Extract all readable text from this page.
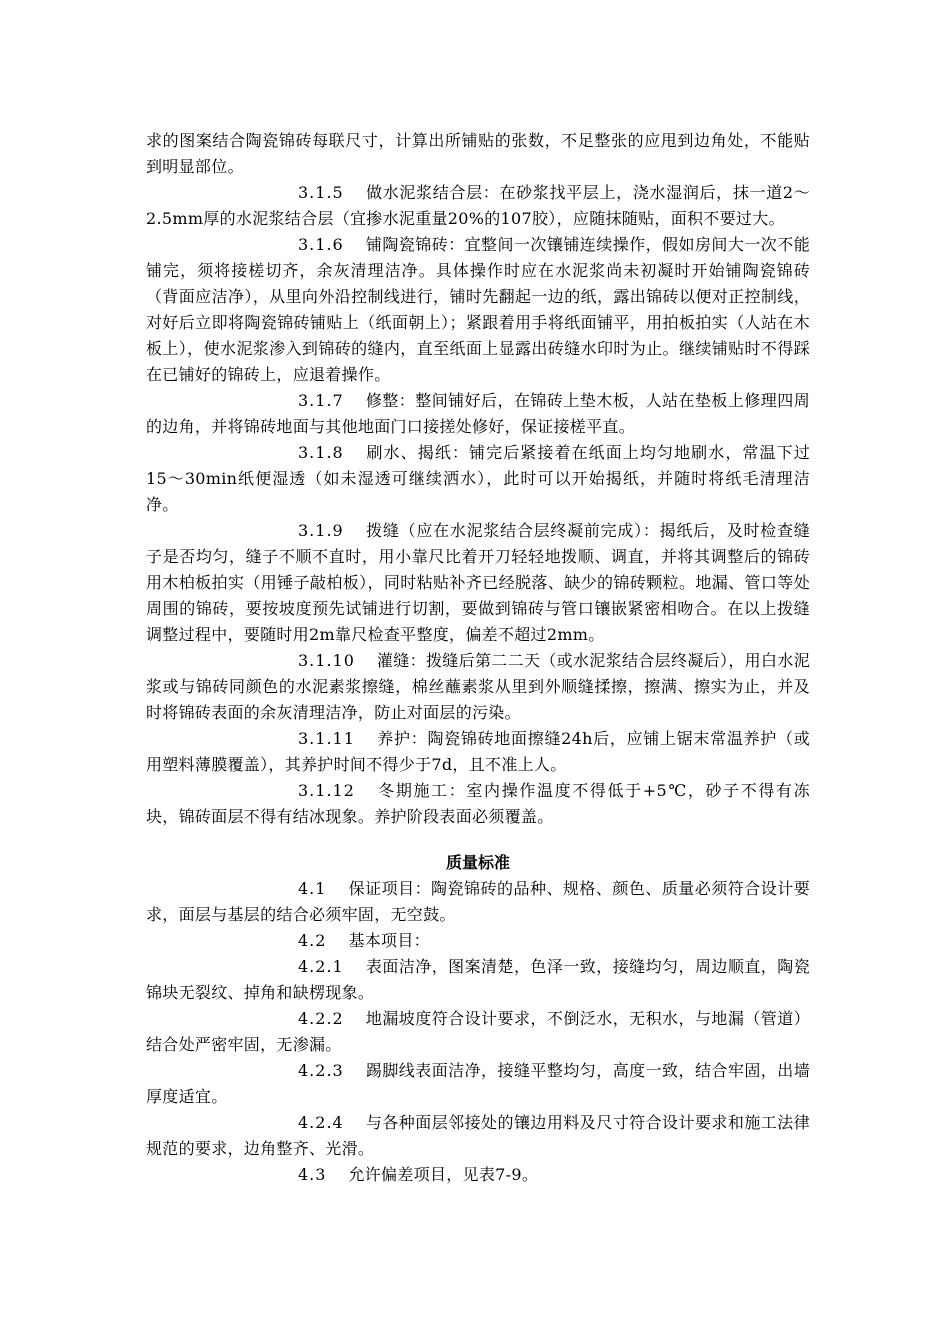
求的图案结合陶瓷锦砖每联尺寸，计算出所铺贴的张数，不足整张的应甩到边角处，不能贴到明显部位。

3.1.5 做水泥浆结合层：在砂浆找平层上，浇水湿润后，抹一道2～2.5mm厚的水泥浆结合层（宜掺水泥重量20%的107胶），应随抹随贴，面积不要过大。

3.1.6 铺陶瓷锦砖：宜整间一次镶铺连续操作，假如房间大一次不能铺完，须将接槎切齐，余灰清理洁净。具体操作时应在水泥浆尚未初凝时开始铺陶瓷锦砖（背面应洁净），从里向外沿控制线进行，铺时先翻起一边的纸，露出锦砖以便对正控制线，对好后立即将陶瓷锦砖铺贴上（纸面朝上）；紧跟着用手将纸面铺平，用拍板拍实（人站在木板上），使水泥浆渗入到锦砖的缝内，直至纸面上显露出砖缝水印时为止。继续铺贴时不得踩在已铺好的锦砖上，应退着操作。

3.1.7 修整：整间铺好后，在锦砖上垫木板，人站在垫板上修理四周的边角，并将锦砖地面与其他地面门口接搓处修好，保证接槎平直。

3.1.8 刷水、揭纸：铺完后紧接着在纸面上均匀地刷水，常温下过15～30min纸便湿透（如未湿透可继续洒水），此时可以开始揭纸，并随时将纸毛清理洁净。

3.1.9 拨缝（应在水泥浆结合层终凝前完成）：揭纸后，及时检查缝子是否均匀，缝子不顺不直时，用小靠尺比着开刀轻轻地拨顺、调直，并将其调整后的锦砖用木柏板拍实（用锤子敲柏板），同时粘贴补齐已经脱落、缺少的锦砖颗粒。地漏、管口等处周围的锦砖，要按坡度预先试铺进行切割，要做到锦砖与管口镶嵌紧密相吻合。在以上拨缝调整过程中，要随时用2m靠尺检查平整度，偏差不超过2mm。

3.1.10 灌缝：拨缝后第二二天（或水泥浆结合层终凝后），用白水泥浆或与锦砖同颜色的水泥素浆擦缝，棉丝蘸素浆从里到外顺缝揉擦，擦满、擦实为止，并及时将锦砖表面的余灰清理洁净，防止对面层的污染。

3.1.11 养护：陶瓷锦砖地面擦缝24h后，应铺上锯末常温养护（或用塑料薄膜覆盖），其养护时间不得少于7d，且不准上人。

3.1.12 冬期施工：室内操作温度不得低于+5℃，砂子不得有冻块，锦砖面层不得有结冰现象。养护阶段表面必须覆盖。

质量标准

4.1 保证项目：陶瓷锦砖的品种、规格、颜色、质量必须符合设计要求，面层与基层的结合必须牢固，无空鼓。

4.2 基本项目：

4.2.1 表面洁净，图案清楚，色泽一致，接缝均匀，周边顺直，陶瓷锦块无裂纹、掉角和缺楞现象。

4.2.2 地漏坡度符合设计要求，不倒泛水，无积水，与地漏（管道）结合处严密牢固，无渗漏。

4.2.3 踢脚线表面洁净，接缝平整均匀，高度一致，结合牢固，出墙厚度适宜。

4.2.4 与各种面层邻接处的镶边用料及尺寸符合设计要求和施工法律规范的要求，边角整齐、光滑。

4.3 允许偏差项目，见表7-9。
